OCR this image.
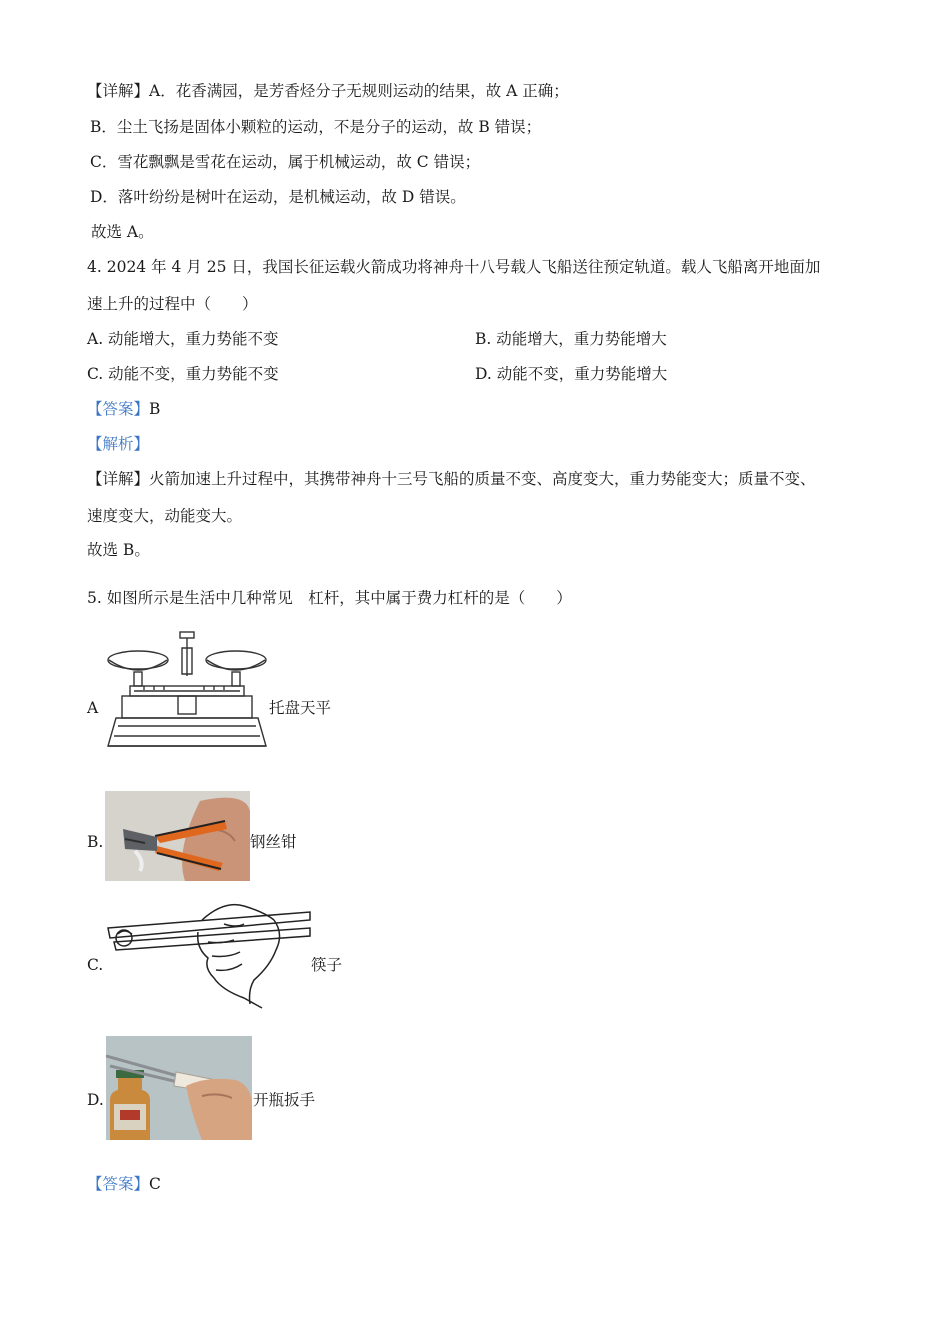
【详解】A．花香满园，是芳香烃分子无规则运动的结果，故 A 正确；
B．尘土飞扬是固体小颗粒的运动，不是分子的运动，故 B 错误；
C．雪花飘飘是雪花在运动，属于机械运动，故 C 错误；
D．落叶纷纷是树叶在运动，是机械运动，故 D 错误。
故选 A。
4. 2024 年 4 月 25 日，我国长征运载火箭成功将神舟十八号载人飞船送往预定轨道。载人飞船离开地面加
速上升的过程中（　　）
A. 动能增大，重力势能不变	B. 动能增大，重力势能增大
C. 动能不变，重力势能不变	D. 动能不变，重力势能增大
【答案】B
【解析】
【详解】火箭加速上升过程中，其携带神舟十三号飞船的质量不变、高度变大，重力势能变大；质量不变、
速度变大，动能变大。
故选 B。
5. 如图所示是生活中几种常见　杠杆，其中属于费力杠杆的是（　　）
A	托盘天平
B.	钢丝钳
C.	筷子
D.	开瓶扳手
【答案】C
